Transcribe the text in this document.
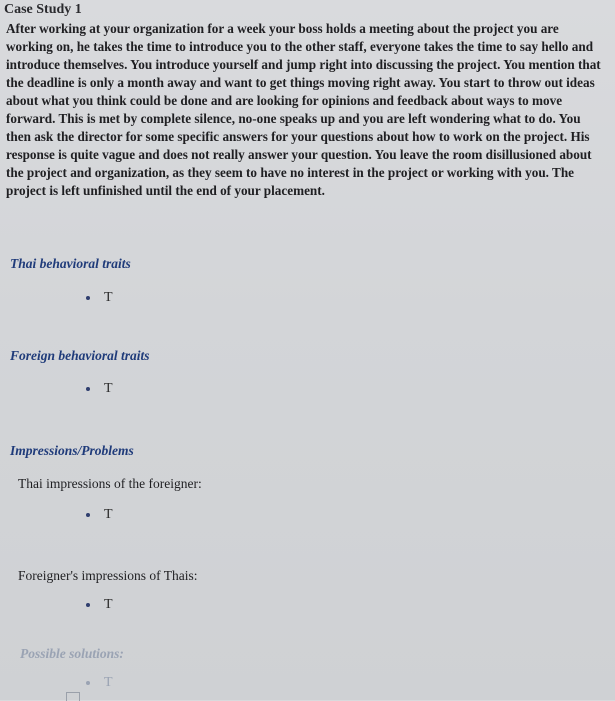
Case Study 1
After working at your organization for a week your boss holds a meeting about the project you are working on, he takes the time to introduce you to the other staff, everyone takes the time to say hello and introduce themselves. You introduce yourself and jump right into discussing the project. You mention that the deadline is only a month away and want to get things moving right away. You start to throw out ideas about what you think could be done and are looking for opinions and feedback about ways to move forward. This is met by complete silence, no-one speaks up and you are left wondering what to do. You then ask the director for some specific answers for your questions about how to work on the project. His response is quite vague and does not really answer your question. You leave the room disillusioned about the project and organization, as they seem to have no interest in the project or working with you. The project is left unfinished until the end of your placement.
Thai behavioral traits
T
Foreign behavioral traits
T
Impressions/Problems
Thai impressions of the foreigner:
T
Foreigner's impressions of Thais:
T
Possible solutions:
T
